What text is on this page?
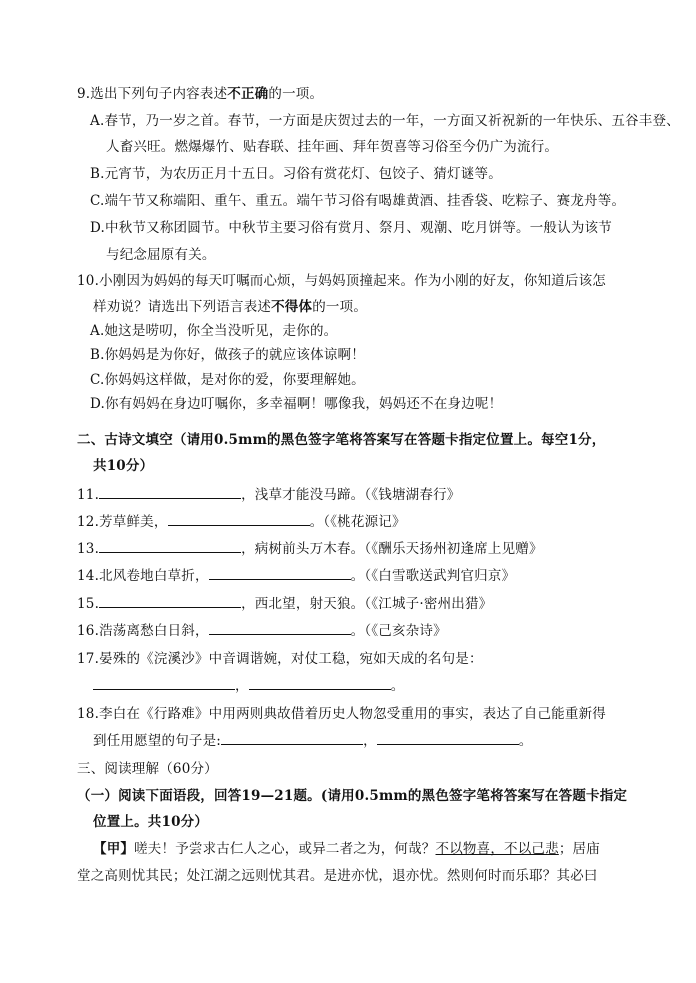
9.选出下列句子内容表述不正确的一项。
A.春节，乃一岁之首。春节，一方面是庆贺过去的一年，一方面又祈祝新的一年快乐、五谷丰登、
人畜兴旺。燃爆爆竹、贴春联、挂年画、拜年贺喜等习俗至今仍广为流行。
B.元宵节，为农历正月十五日。习俗有赏花灯、包饺子、猜灯谜等。
C.端午节又称端阳、重午、重五。端午节习俗有喝雄黄酒、挂香袋、吃粽子、赛龙舟等。
D.中秋节又称团圆节。中秋节主要习俗有赏月、祭月、观潮、吃月饼等。一般认为该节
与纪念屈原有关。
10.小刚因为妈妈的每天叮嘱而心烦，与妈妈顶撞起来。作为小刚的好友，你知道后该怎
样劝说？请选出下列语言表述不得体的一项。
A.她这是唠叨，你全当没听见，走你的。
B.你妈妈是为你好，做孩子的就应该体谅啊！
C.你妈妈这样做，是对你的爱，你要理解她。
D.你有妈妈在身边叮嘱你，多幸福啊！哪像我，妈妈还不在身边呢！
二、古诗文填空（请用0.5mm的黑色签字笔将答案写在答题卡指定位置上。每空1分，
共10分）
11.	，浅草才能没马蹄。（《钱塘湖春行》
12.芳草鲜美，	。（《桃花源记》
13.	，病树前头万木春。（《酬乐天扬州初逢席上见赠》
14.北风卷地白草折，	。（《白雪歌送武判官归京》
15.	，西北望，射天狼。（《江城子·密州出猎》
16.浩荡离愁白日斜，	。（《己亥杂诗》
17.晏殊的《浣溪沙》中音调谐婉，对仗工稳，宛如天成的名句是：
，	。
18.李白在《行路难》中用两则典故借着历史人物忽受重用的事实，表达了自己能重新得
到任用愿望的句子是:	，	。
三、阅读理解（60分）
（一）阅读下面语段，回答19—21题。(请用0.5mm的黑色签字笔将答案写在答题卡指定
位置上。共10分）
【甲】嗟夫！予尝求古仁人之心，或异二者之为，何哉？不以物喜，不以己悲；居庙
堂之高则忧其民；处江湖之远则忧其君。是进亦忧，退亦忧。然则何时而乐耶？其必曰
